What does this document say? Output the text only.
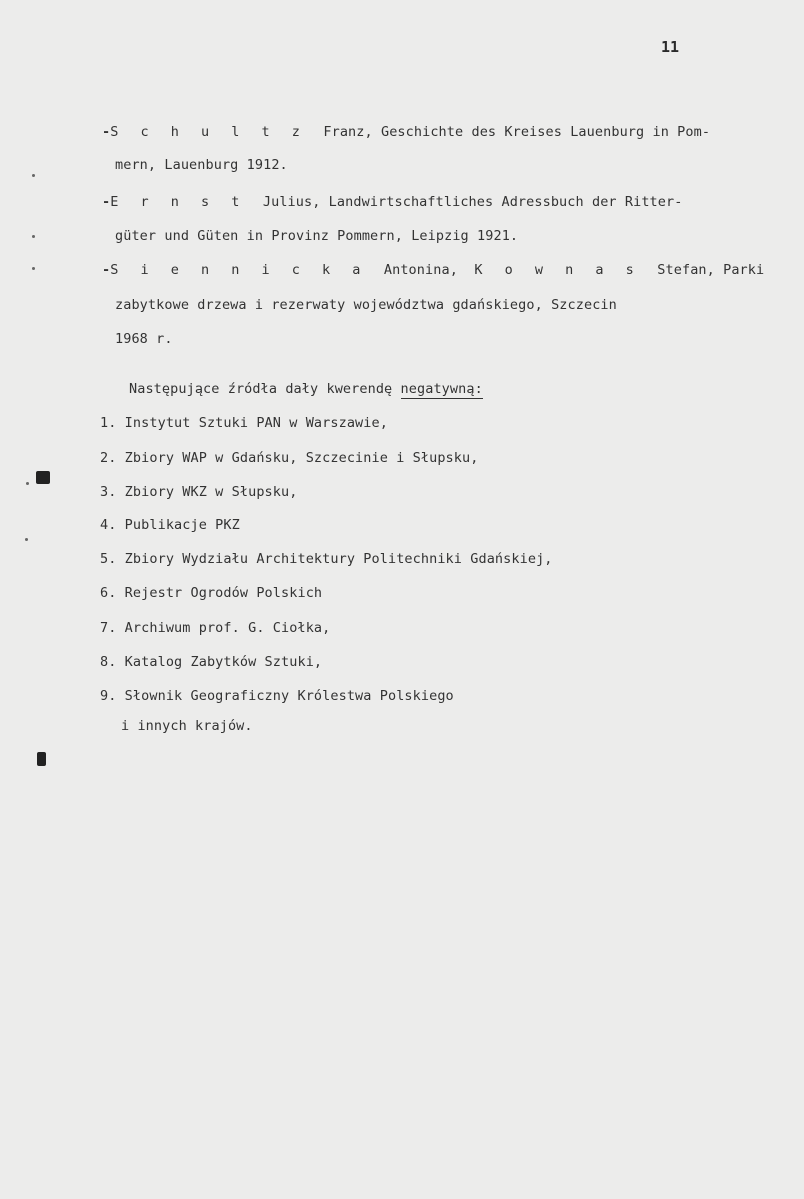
11
-S c h u l t z Franz, Geschichte des Kreises Lauenburg in Pom-
mern, Lauenburg 1912.
-E r n s t Julius, Landwirtschaftliches Adressbuch der Ritter-
güter und Güten in Provinz Pommern, Leipzig 1921.
-S i e n n i c k a Antonina, K o w n a s Stefan, Parki
zabytkowe drzewa i rezerwaty województwa gdańskiego, Szczecin
1968 r.
Następujące źródła dały kwerendę negatywną:
1. Instytut Sztuki PAN w Warszawie,
2. Zbiory WAP w Gdańsku, Szczecinie i Słupsku,
3. Zbiory WKZ w Słupsku,
4. Publikacje PKZ
5. Zbiory Wydziału Architektury Politechniki Gdańskiej,
6. Rejestr Ogrodów Polskich
7. Archiwum prof. G. Ciołka,
8. Katalog Zabytków Sztuki,
9. Słownik Geograficzny Królestwa Polskiego
i innych krajów.
